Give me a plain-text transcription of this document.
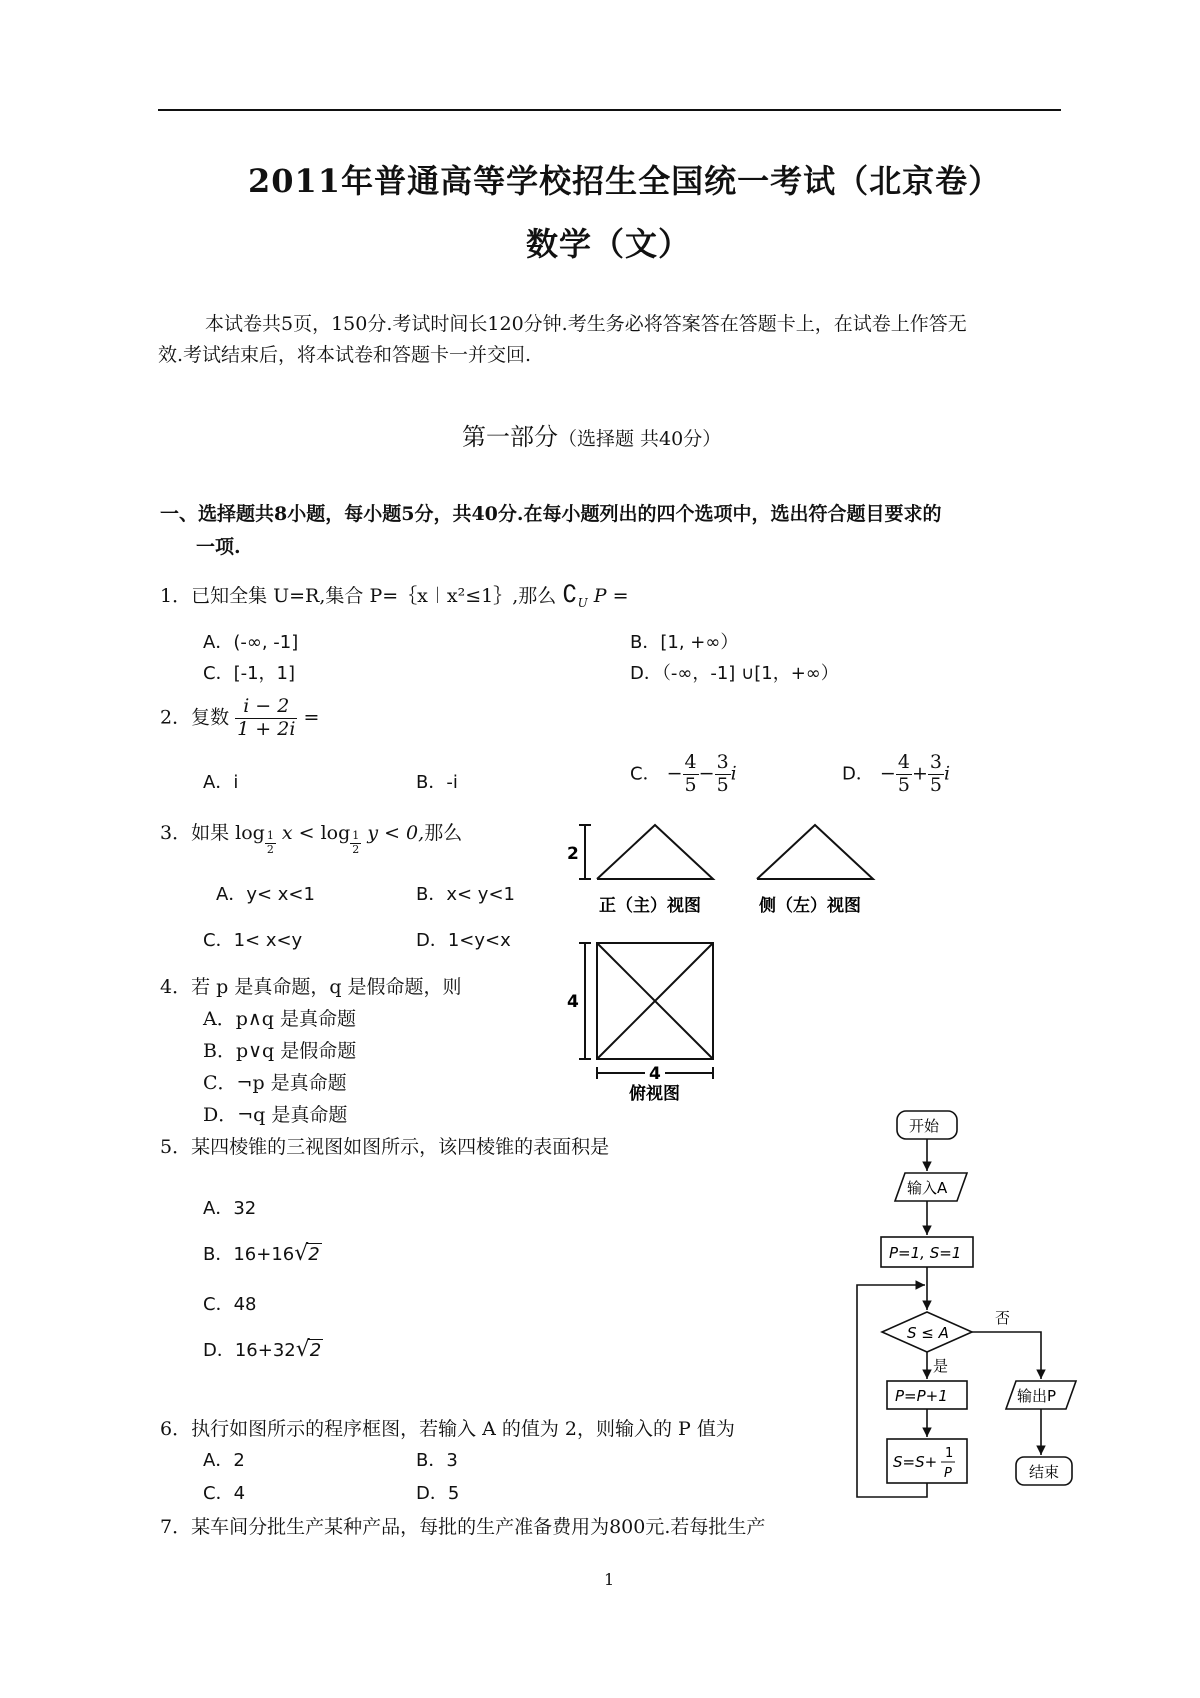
2011年普通高等学校招生全国统一考试（北京卷）
数学（文）
本试卷共5页，150分.考试时间长120分钟.考生务必将答案答在答题卡上，在试卷上作答无
效.考试结束后，将本试卷和答题卡一并交回.
第一部分（选择题 共40分）
一、选择题共8小题，每小题5分，共40分.在每小题列出的四个选项中，选出符合题目要求的
一项.
1．已知全集 U=R,集合 P=｛x︱x²≤1｝,那么 $∁_U$ P =
A．(-∞, -1]	B．[1, +∞）
C．[-1，1]	D．（-∞，-1] ∪[1，+∞）
2．复数 $\frac{i - 2}{1 + 2i}$ =
A．i	B．-i	C． − $\frac{4}{5} - \frac{3}{5}$ i	D． − $\frac{4}{5} + \frac{3}{5}$ i
3．如果 $\log \frac{1}{2}$ $x < \log \frac{1}{2}$ y < 0,那么
A．y< x<1	B．x< y<1
C．1< x<y	D．1<y<x
4．若 p 是真命题，q 是假命题，则
A．p∧q 是真命题
B．p∨q 是假命题
C．¬p 是真命题
D．¬q 是真命题
5．某四棱锥的三视图如图所示，该四棱锥的表面积是
A．32
B．16+16√2
C．48
D．16+32√2
6．执行如图所示的程序框图，若输入 A 的值为 2，则输入的 P 值为
A．2	B．3
C．4	D．5
7．某车间分批生产某种产品，每批的生产准备费用为800元.若每批生产
2
正（主）视图	侧（左）视图
4
4
俯视图
开始
输入A
P=1, S=1
S ≤ A
否
是
P=P+1
S=S+ 1
P
输出P
结束
1
